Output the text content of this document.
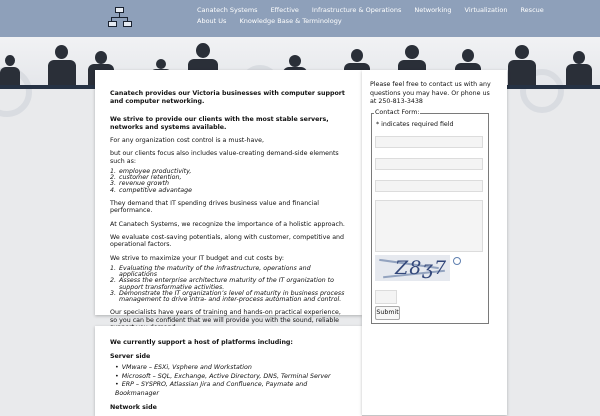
Canatech Systems Effective Infrastructure & Operations Networking Virtualization Rescue
About Us Knowledge Base & Terminology

Canatech provides our Victoria businesses with computer support and computer networking.

We strive to provide our clients with the most stable servers, networks and systems available.

For any organization cost control is a must-have,

but our clients focus also includes value-creating demand-side elements such as:

1. employee productivity,
2. customer retention,
3. revenue growth
4. competitive advantage

They demand that IT spending drives business value and financial performance.

At Canatech Systems, we recognize the importance of a holistic approach.

We evaluate cost-saving potentials, along with customer, competitive and operational factors.

We strive to maximize your IT budget and cut costs by:

1. Evaluating the maturity of the infrastructure, operations and applications
2. Assess the enterprise architecture maturity of the IT organization to support transformative activities.
3. Demonstrate the IT organization’s level of maturity in business process management to drive intra- and inter-process automation and control.

Our specialists have years of training and hands-on practical experience, so you can be confident that we will provide you with the sound, reliable

We currently support a host of platforms including:

Server side

• VMware – ESXi, Vsphere and Workstation
• Microsoft – SQL, Exchange, Active Directory, DNS, Terminal Server
• ERP – SYSPRO, Atlassian Jira and Confluence, Paymate and Bookmanager

Network side

Please feel free to contact us with any questions you may have. Or phone us at 250-813-3438
Contact Form:
* indicates required field
Z8ʒ7
Submit
